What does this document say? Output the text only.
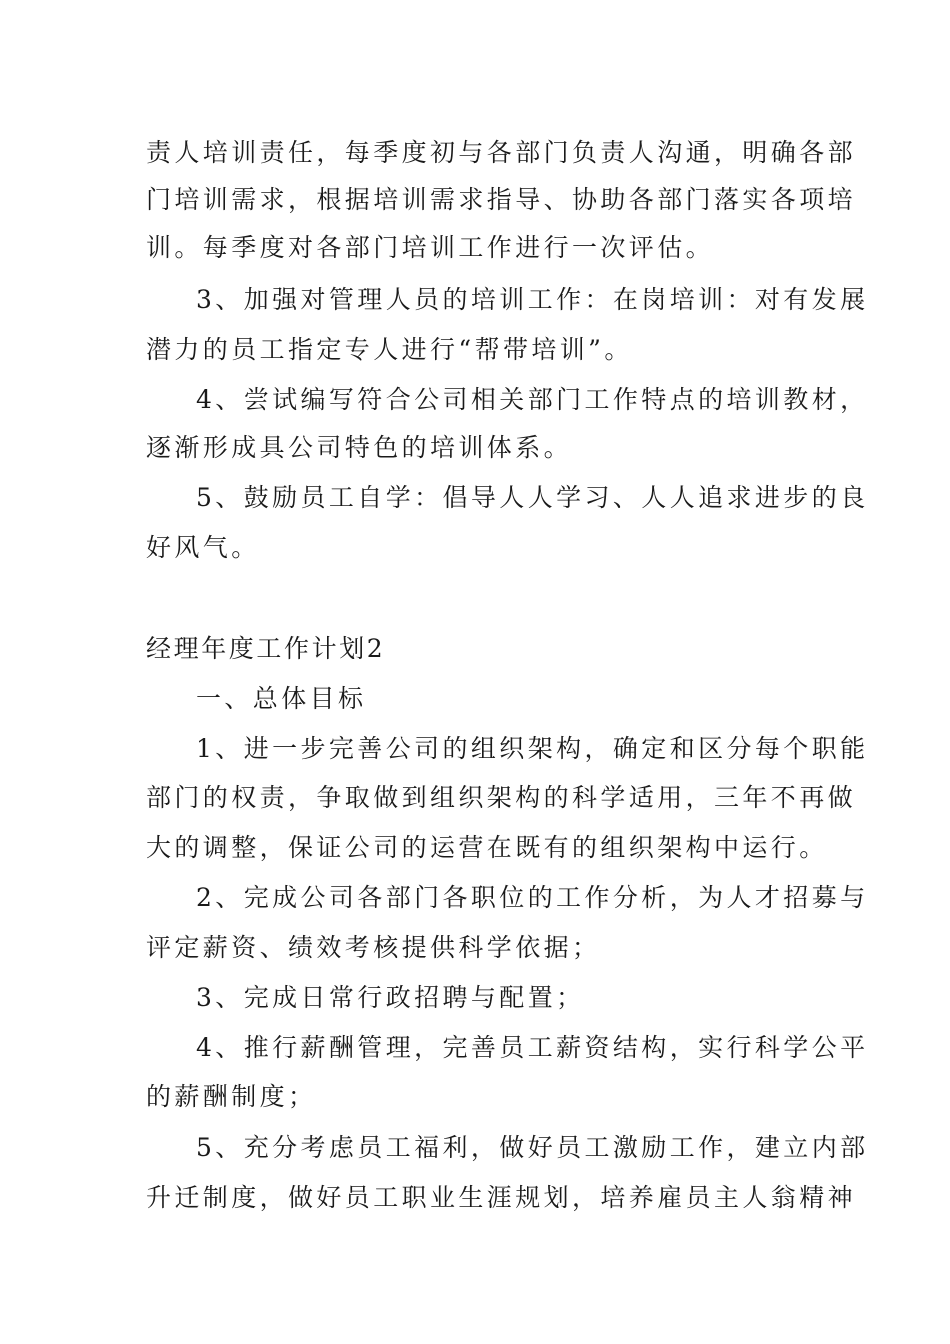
责人培训责任，每季度初与各部门负责人沟通，明确各部

门培训需求，根据培训需求指导、协助各部门落实各项培

训。每季度对各部门培训工作进行一次评估。

3、加强对管理人员的培训工作：在岗培训：对有发展

潜力的员工指定专人进行“帮带培训”。

4、尝试编写符合公司相关部门工作特点的培训教材，

逐渐形成具公司特色的培训体系。

5、鼓励员工自学：倡导人人学习、人人追求进步的良

好风气。

经理年度工作计划2

一、总体目标

1、进一步完善公司的组织架构，确定和区分每个职能

部门的权责，争取做到组织架构的科学适用，三年不再做

大的调整，保证公司的运营在既有的组织架构中运行。

2、完成公司各部门各职位的工作分析，为人才招募与

评定薪资、绩效考核提供科学依据；

3、完成日常行政招聘与配置；

4、推行薪酬管理，完善员工薪资结构，实行科学公平

的薪酬制度；

5、充分考虑员工福利，做好员工激励工作，建立内部

升迁制度，做好员工职业生涯规划，培养雇员主人翁精神
